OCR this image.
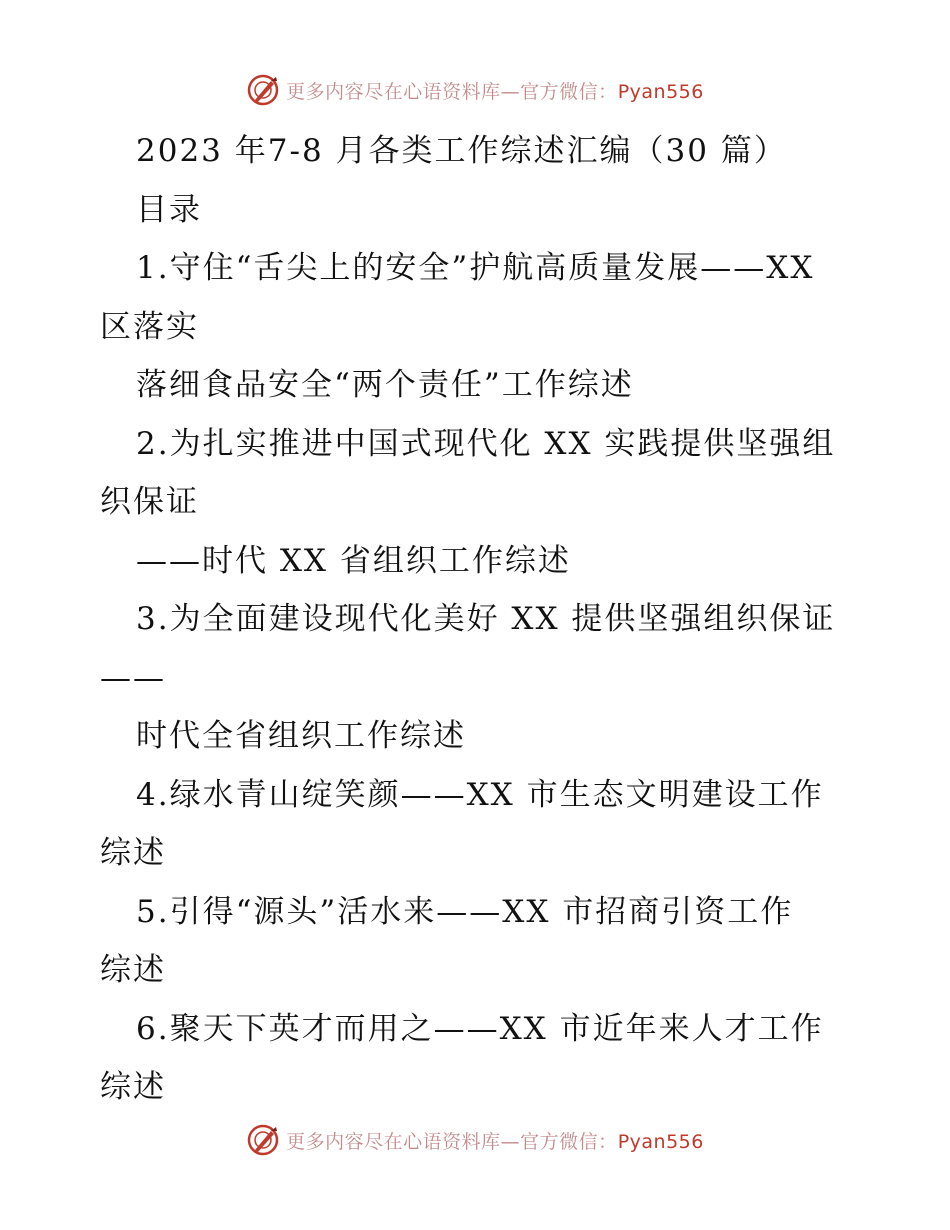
更多内容尽在心语资料库—官方微信：Pyan556
2023 年7-8 月各类工作综述汇编（30 篇）
目录
1.守住“舌尖上的安全”护航高质量发展——XX
区落实
落细食品安全“两个责任”工作综述
2.为扎实推进中国式现代化 XX 实践提供坚强组
织保证
——时代 XX 省组织工作综述
3.为全面建设现代化美好 XX 提供坚强组织保证
——
时代全省组织工作综述
4.绿水青山绽笑颜——XX 市生态文明建设工作
综述
5.引得“源头”活水来——XX 市招商引资工作
综述
6.聚天下英才而用之——XX 市近年来人才工作
综述
更多内容尽在心语资料库—官方微信：Pyan556
